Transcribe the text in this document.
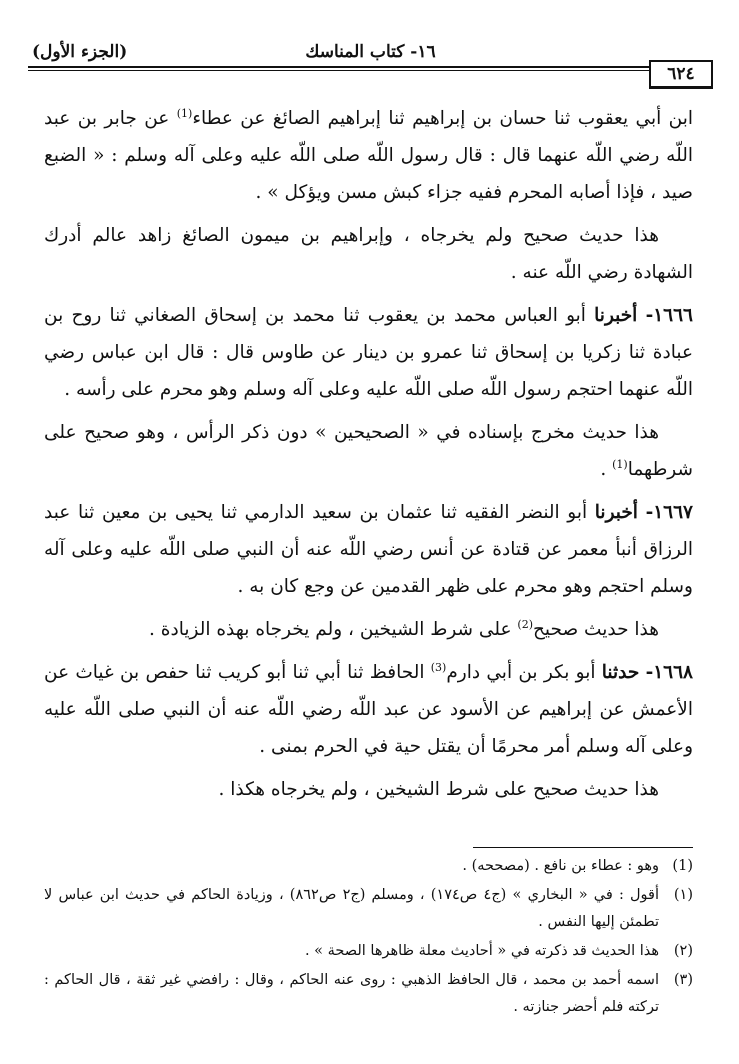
١٦- كتاب المناسك
(الجزء الأول)
٦٢٤

ابن أبي يعقوب ثنا حسان بن إبراهيم ثنا إبراهيم الصائغ عن عطاء$^{(1)}$ عن جابر بن عبد اللّه رضي اللّه عنهما قال : قال رسول اللّه صلى اللّه عليه وعلى آله وسلم : « الضبع صيد ، فإذا أصابه المحرم ففيه جزاء كبش مسن ويؤكل » .

هذا حديث صحيح ولم يخرجاه ، وإبراهيم بن ميمون الصائغ زاهد عالم أدرك الشهادة رضي اللّه عنه .

١٦٦٦- أخبرنا أبو العباس محمد بن يعقوب ثنا محمد بن إسحاق الصغاني ثنا روح بن عبادة ثنا زكريا بن إسحاق ثنا عمرو بن دينار عن طاوس قال : قال ابن عباس رضي اللّه عنهما احتجم رسول اللّه صلى اللّه عليه وعلى آله وسلم وهو محرم على رأسه .

هذا حديث مخرج بإسناده في « الصحيحين » دون ذكر الرأس ، وهو صحيح على شرطهما$^{(1)}$ .

١٦٦٧- أخبرنا أبو النضر الفقيه ثنا عثمان بن سعيد الدارمي ثنا يحيى بن معين ثنا عبد الرزاق أنبأ معمر عن قتادة عن أنس رضي اللّه عنه أن النبي صلى اللّه عليه وعلى آله وسلم احتجم وهو محرم على ظهر القدمين عن وجع كان به .

هذا حديث صحيح$^{(2)}$ على شرط الشيخين ، ولم يخرجاه بهذه الزيادة .

١٦٦٨- حدثنا أبو بكر بن أبي دارم$^{(3)}$ الحافظ ثنا أبي ثنا أبو كريب ثنا حفص بن غياث عن الأعمش عن إبراهيم عن الأسود عن عبد اللّه رضي اللّه عنه أن النبي صلى اللّه عليه وعلى آله وسلم أمر محرمًا أن يقتل حية في الحرم بمنى .

هذا حديث صحيح على شرط الشيخين ، ولم يخرجاه هكذا .

(1)
وهو : عطاء بن نافع . (مصححه) .
(١)
أقول : في « البخاري » (ج٤ ص١٧٤) ، ومسلم (ج٢ ص٨٦٢) ، وزيادة الحاكم في حديث ابن عباس لا تطمئن إليها النفس .
(٢)
هذا الحديث قد ذكرته في « أحاديث معلة ظاهرها الصحة » .
(٣)
اسمه أحمد بن محمد ، قال الحافظ الذهبي : روى عنه الحاكم ، وقال : رافضي غير ثقة ، قال الحاكم : تركته فلم أحضر جنازته .
